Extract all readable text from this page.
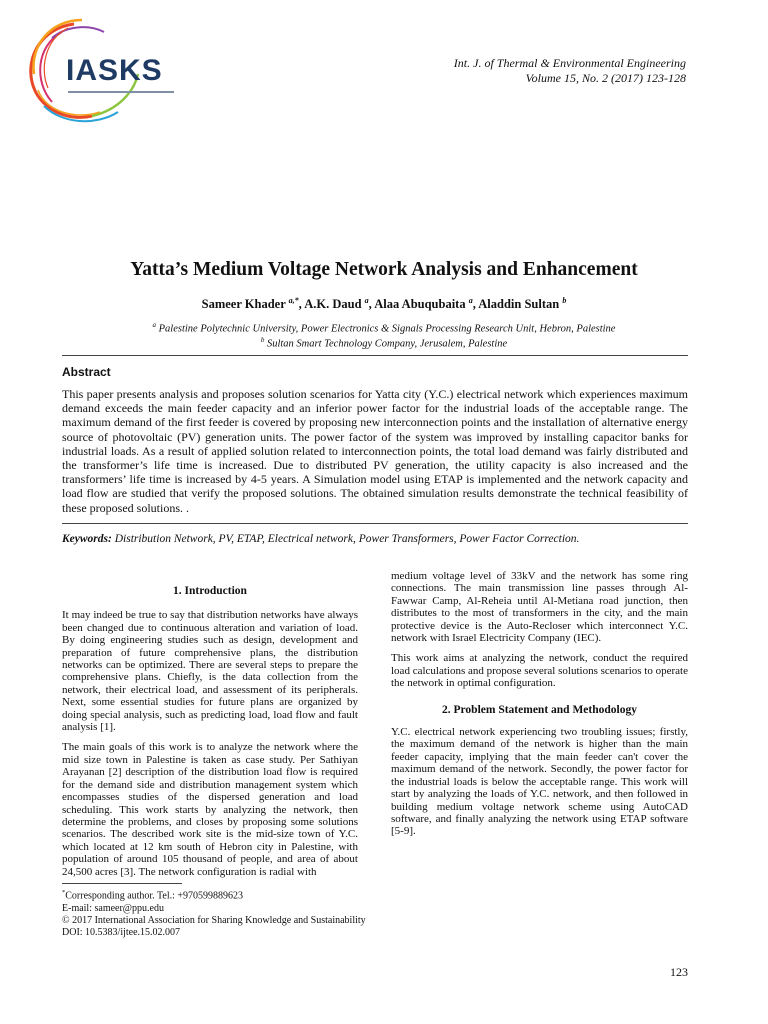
IASKS	Int. J. of Thermal & Environmental Engineering
Volume 15, No. 2 (2017) 123-128
Yatta’s Medium Voltage Network Analysis and Enhancement
Sameer Khader $^{a,*}$, A.K. Daud $^a$, Alaa Abuqubaita $^a$, Aladdin Sultan $^b$
$^a$ Palestine Polytechnic University, Power Electronics & Signals Processing Research Unit, Hebron, Palestine
$^b$ Sultan Smart Technology Company, Jerusalem, Palestine
Abstract
This paper presents analysis and proposes solution scenarios for Yatta city (Y.C.) electrical network which experiences maximum demand exceeds the main feeder capacity and an inferior power factor for the industrial loads of the acceptable range. The maximum demand of the first feeder is covered by proposing new interconnection points and the installation of alternative energy source of photovoltaic (PV) generation units. The power factor of the system was improved by installing capacitor banks for industrial loads. As a result of applied solution related to interconnection points, the total load demand was fairly distributed and the transformer’s life time is increased. Due to distributed PV generation, the utility capacity is also increased and the transformers’ life time is increased by 4-5 years. A Simulation model using ETAP is implemented and the network capacity and load flow are studied that verify the proposed solutions. The obtained simulation results demonstrate the technical feasibility of these proposed solutions. .
Keywords: Distribution Network, PV, ETAP, Electrical network, Power Transformers, Power Factor Correction.
1. Introduction

It may indeed be true to say that distribution networks have always been changed due to continuous alteration and variation of load. By doing engineering studies such as design, development and preparation of future comprehensive plans, the distribution networks can be optimized. There are several steps to prepare the comprehensive plans. Chiefly, is the data collection from the network, their electrical load, and assessment of its peripherals. Next, some essential studies for future plans are organized by doing special analysis, such as predicting load, load flow and fault analysis [1].

The main goals of this work is to analyze the network where the mid size town in Palestine is taken as case study. Per Sathiyan Arayanan [2] description of the distribution load flow is required for the demand side and distribution management system which encompasses studies of the dispersed generation and load scheduling. This work starts by analyzing the network, then determine the problems, and closes by proposing some solutions scenarios. The described work site is the mid-size town of Y.C. which located at 12 km south of Hebron city in Palestine, with population of around 105 thousand of people, and area of about 24,500 acres [3]. The network configuration is radial with

medium voltage level of 33kV and the network has some ring connections. The main transmission line passes through Al-Fawwar Camp, Al-Reheia until Al-Metiana road junction, then distributes to the most of transformers in the city, and the main protective device is the Auto-Recloser which interconnect Y.C. network with Israel Electricity Company (IEC).

This work aims at analyzing the network, conduct the required load calculations and propose several solutions scenarios to operate the network in optimal configuration.

2. Problem Statement and Methodology

Y.C. electrical network experiencing two troubling issues; firstly, the maximum demand of the network is higher than the main feeder capacity, implying that the main feeder can't cover the maximum demand of the network. Secondly, the power factor for the industrial loads is below the acceptable range. This work will start by analyzing the loads of Y.C. network, and then followed in building medium voltage network scheme using AutoCAD software, and finally analyzing the network using ETAP software [5-9].

*Corresponding author. Tel.: +970599889623
E-mail: sameer@ppu.edu
© 2017 International Association for Sharing Knowledge and Sustainability
DOI: 10.5383/ijtee.15.02.007
123
